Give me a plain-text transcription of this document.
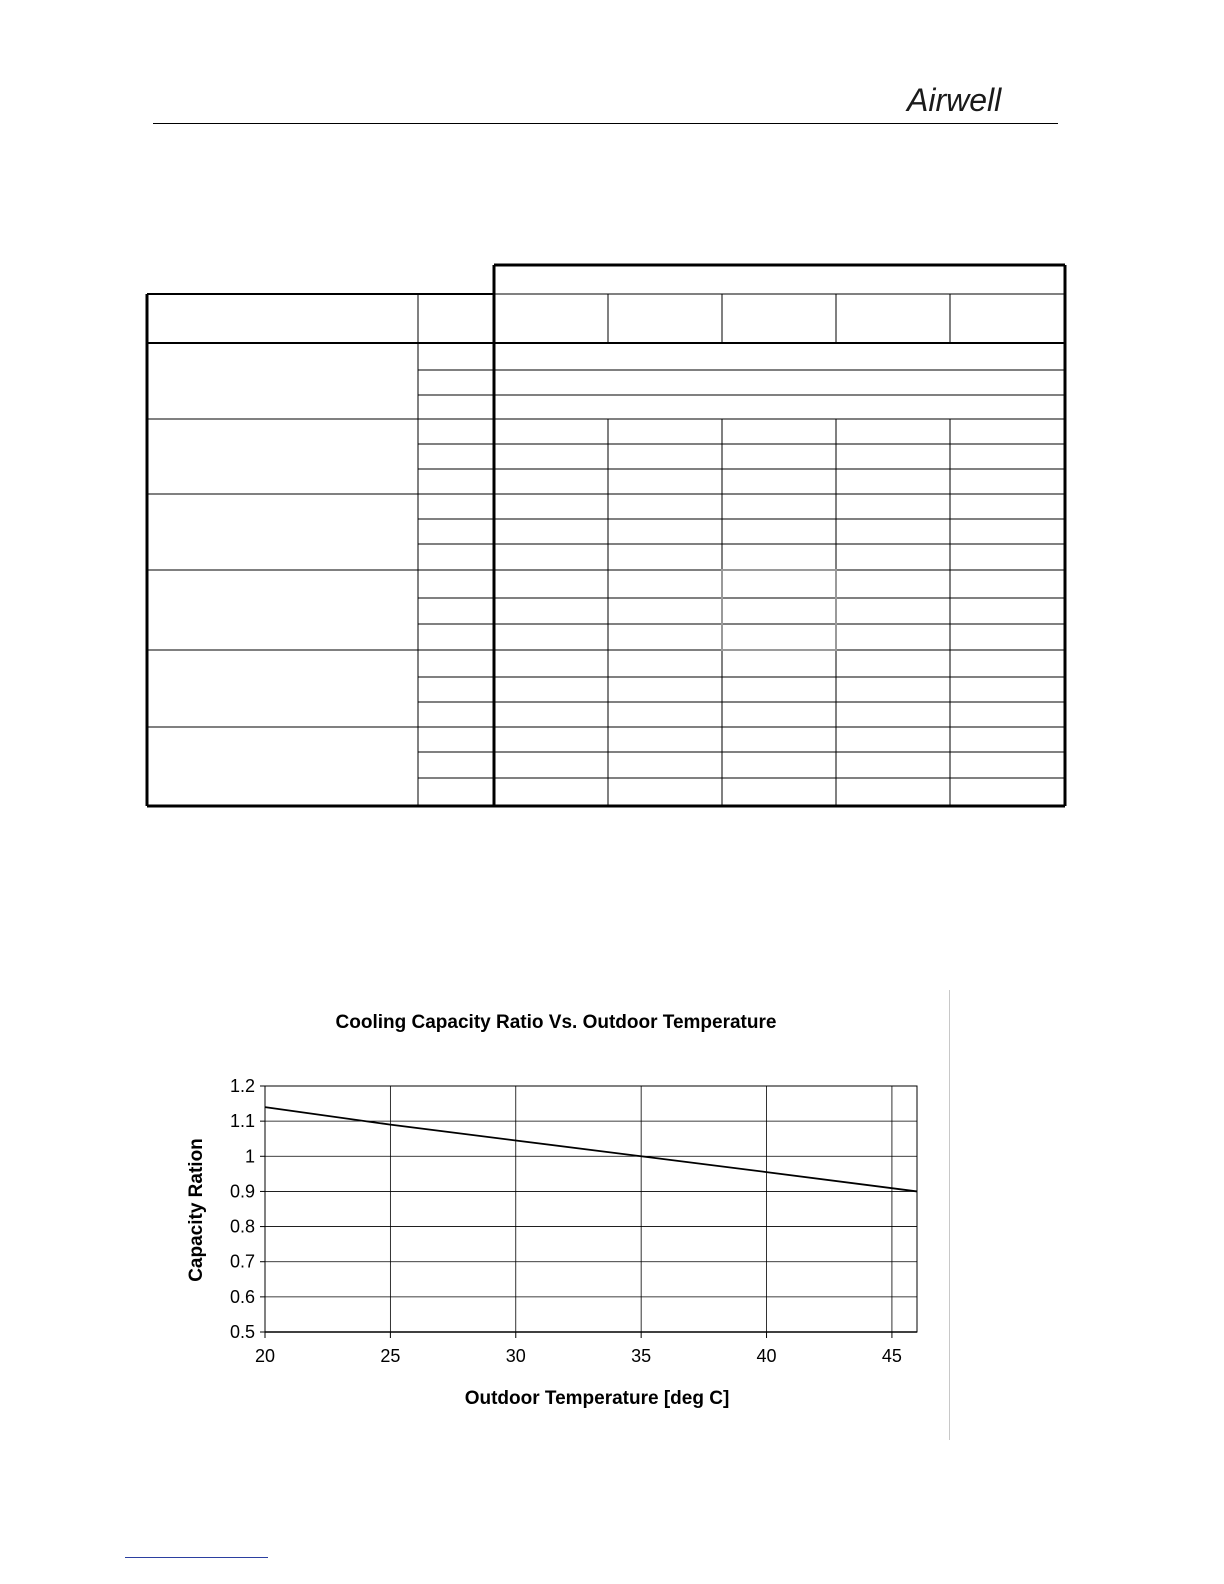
Airwell
Cooling Capacity Ratio Vs. Outdoor Temperature
Outdoor Temperature [deg C]
Capacity Ration
0.5
0.6
0.7
0.8
0.9
1
1.1
1.2
20	25	30	35	40	45
